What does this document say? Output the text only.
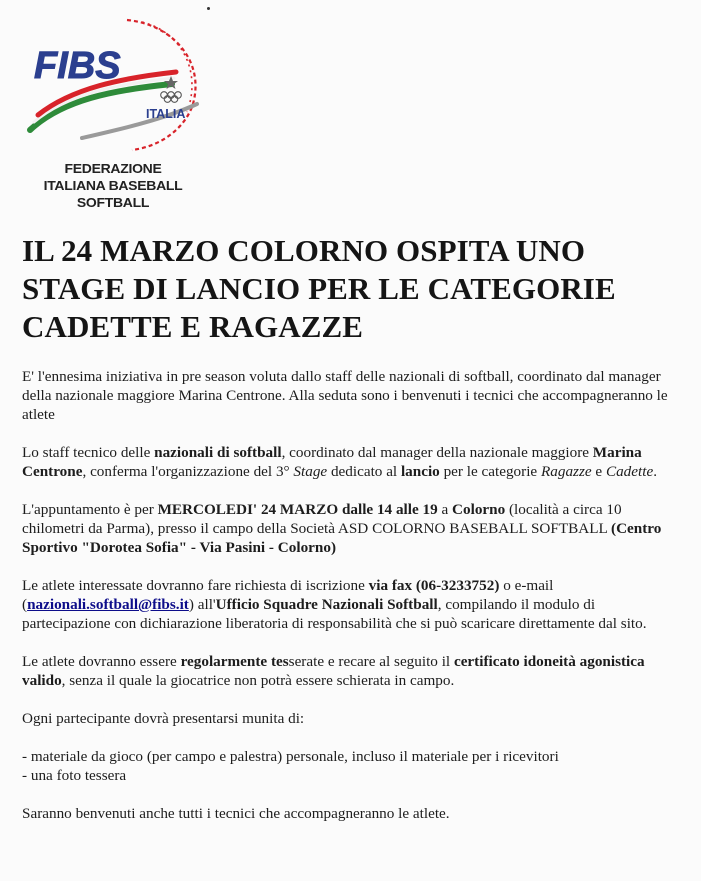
FIBS
ITALIA
FEDERAZIONE
ITALIANA BASEBALL
SOFTBALL
IL 24 MARZO COLORNO OSPITA UNO STAGE DI LANCIO PER LE CATEGORIE CADETTE E RAGAZZE

E' l'ennesima iniziativa in pre season voluta dallo staff delle nazionali di softball, coordinato dal manager della nazionale maggiore Marina Centrone. Alla seduta sono i benvenuti i tecnici che accompagneranno le atlete

Lo staff tecnico delle nazionali di softball, coordinato dal manager della nazionale maggiore Marina Centrone, conferma l'organizzazione del 3° Stage dedicato al lancio per le categorie Ragazze e Cadette.

L'appuntamento è per MERCOLEDI' 24 MARZO dalle 14 alle 19 a Colorno (località a circa 10 chilometri da Parma), presso il campo della Società ASD COLORNO BASEBALL SOFTBALL (Centro Sportivo "Dorotea Sofia" - Via Pasini - Colorno)

Le atlete interessate dovranno fare richiesta di iscrizione via fax (06-3233752) o e-mail (nazionali.softball@fibs.it) all'Ufficio Squadre Nazionali Softball, compilando il modulo di partecipazione con dichiarazione liberatoria di responsabilità che si può scaricare direttamente dal sito.

Le atlete dovranno essere regolarmente tesserate e recare al seguito il certificato idoneità agonistica valido, senza il quale la giocatrice non potrà essere schierata in campo.

Ogni partecipante dovrà presentarsi munita di:

- materiale da gioco (per campo e palestra) personale, incluso il materiale per i ricevitori
- una foto tessera

Saranno benvenuti anche tutti i tecnici che accompagneranno le atlete.
